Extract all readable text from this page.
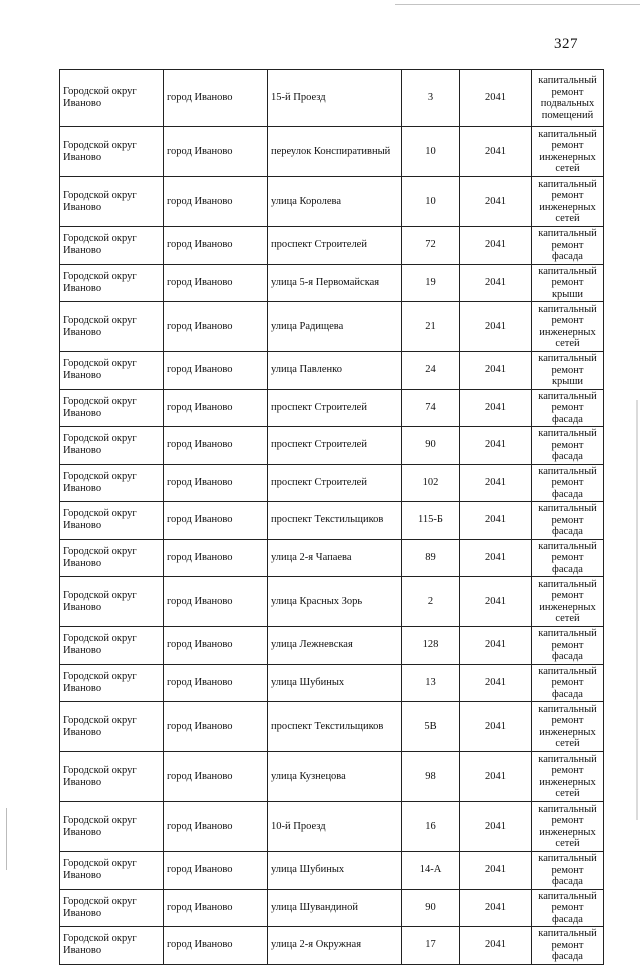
327
Городской округ Иваново	город Иваново	15-й Проезд	3	2041	капитальный ремонт подвальных помещений
Городской округ Иваново	город Иваново	переулок Конспиративный	10	2041	капитальный ремонт инженерных сетей
Городской округ Иваново	город Иваново	улица Королева	10	2041	капитальный ремонт инженерных сетей
Городской округ Иваново	город Иваново	проспект Строителей	72	2041	капитальный ремонт фасада
Городской округ Иваново	город Иваново	улица 5-я Первомайская	19	2041	капитальный ремонт крыши
Городской округ Иваново	город Иваново	улица Радищева	21	2041	капитальный ремонт инженерных сетей
Городской округ Иваново	город Иваново	улица Павленко	24	2041	капитальный ремонт крыши
Городской округ Иваново	город Иваново	проспект Строителей	74	2041	капитальный ремонт фасада
Городской округ Иваново	город Иваново	проспект Строителей	90	2041	капитальный ремонт фасада
Городской округ Иваново	город Иваново	проспект Строителей	102	2041	капитальный ремонт фасада
Городской округ Иваново	город Иваново	проспект Текстильщиков	115-Б	2041	капитальный ремонт фасада
Городской округ Иваново	город Иваново	улица 2-я Чапаева	89	2041	капитальный ремонт фасада
Городской округ Иваново	город Иваново	улица Красных Зорь	2	2041	капитальный ремонт инженерных сетей
Городской округ Иваново	город Иваново	улица Лежневская	128	2041	капитальный ремонт фасада
Городской округ Иваново	город Иваново	улица Шубиных	13	2041	капитальный ремонт фасада
Городской округ Иваново	город Иваново	проспект Текстильщиков	5В	2041	капитальный ремонт инженерных сетей
Городской округ Иваново	город Иваново	улица Кузнецова	98	2041	капитальный ремонт инженерных сетей
Городской округ Иваново	город Иваново	10-й Проезд	16	2041	капитальный ремонт инженерных сетей
Городской округ Иваново	город Иваново	улица Шубиных	14-А	2041	капитальный ремонт фасада
Городской округ Иваново	город Иваново	улица Шувандиной	90	2041	капитальный ремонт фасада
Городской округ Иваново	город Иваново	улица 2-я Окружная	17	2041	капитальный ремонт фасада
